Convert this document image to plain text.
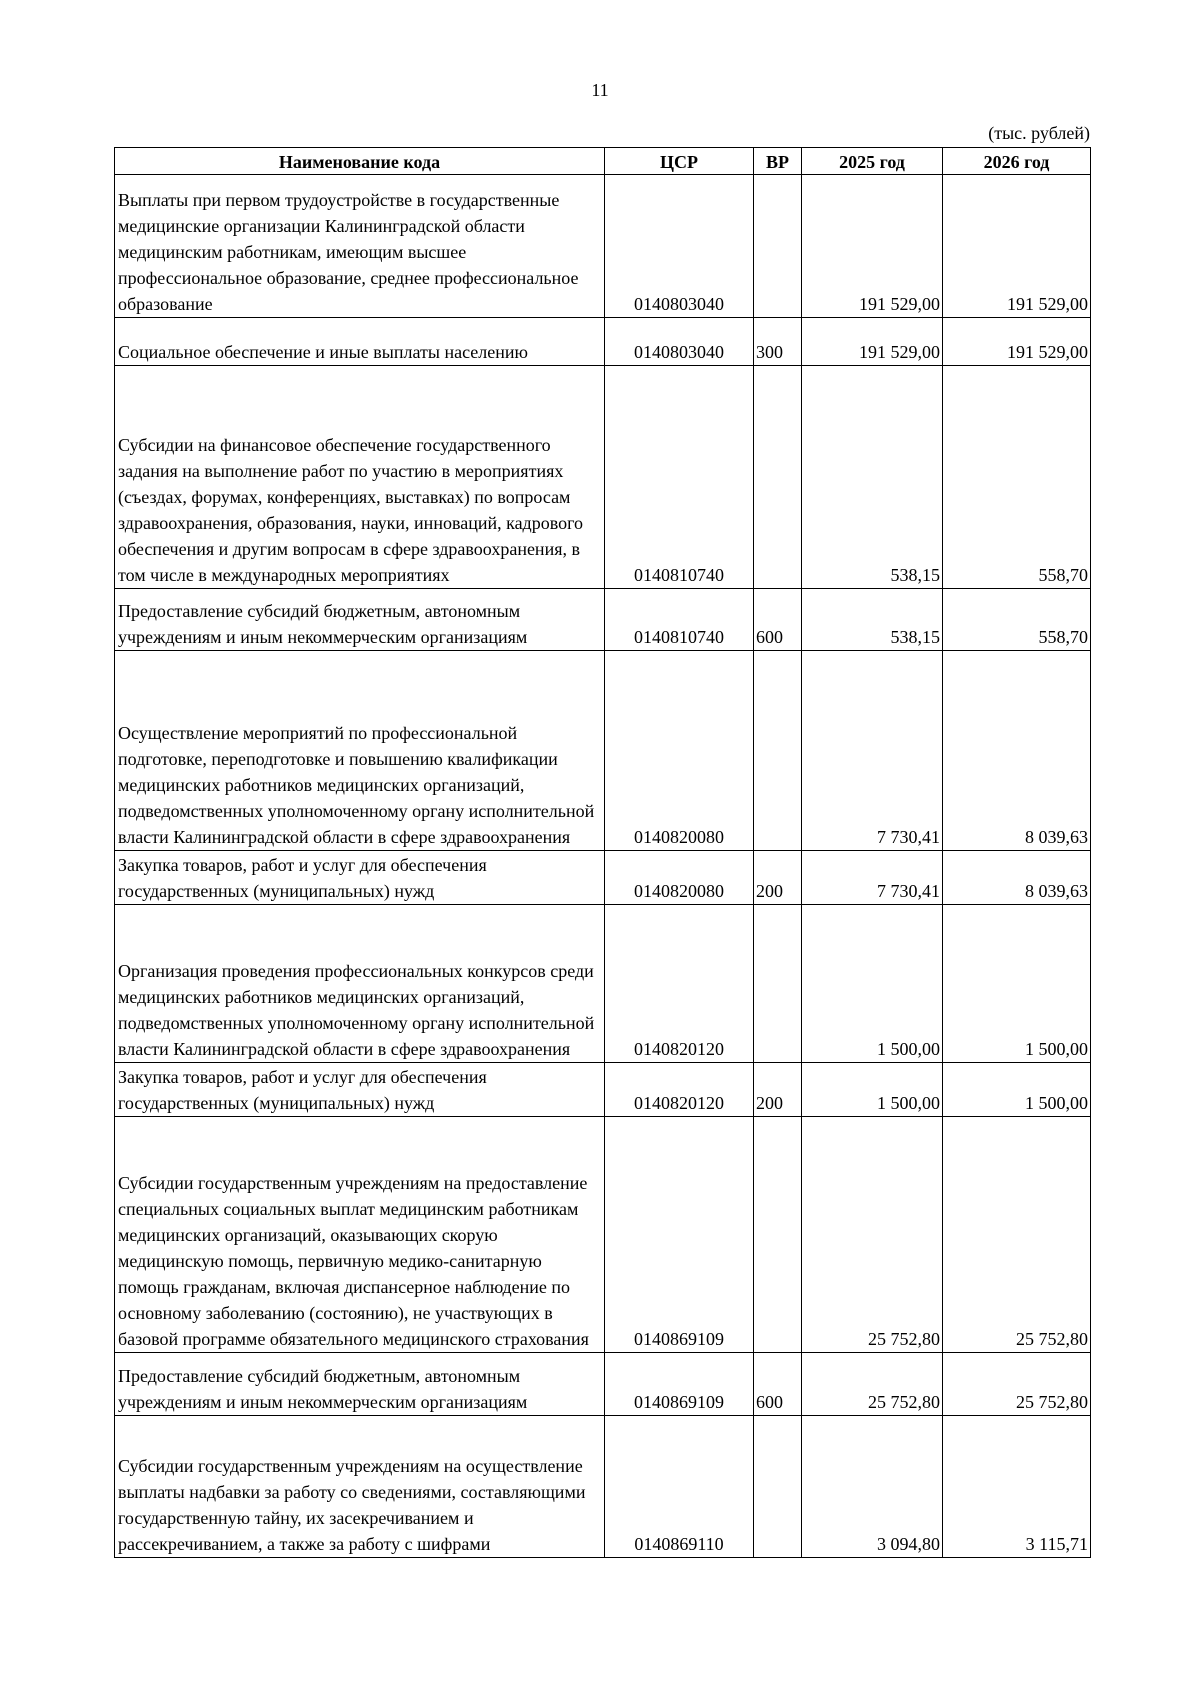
11
(тыс. рублей)
Наименование кода	ЦСР	ВР	2025 год	2026 год
Выплаты при первом трудоустройстве в государственные медицинские организации Калининградской области медицинским работникам, имеющим высшее профессиональное образование, среднее профессиональное образование	0140803040		191 529,00	191 529,00
Социальное обеспечение и иные выплаты населению	0140803040	300	191 529,00	191 529,00
Субсидии на финансовое обеспечение государственного задания на выполнение работ по участию в мероприятиях (съездах, форумах, конференциях, выставках) по вопросам здравоохранения, образования, науки, инноваций, кадрового обеспечения и другим вопросам в сфере здравоохранения, в том числе в международных мероприятиях	0140810740		538,15	558,70
Предоставление субсидий бюджетным, автономным учреждениям и иным некоммерческим организациям	0140810740	600	538,15	558,70
Осуществление мероприятий по профессиональной подготовке, переподготовке и повышению квалификации медицинских работников медицинских организаций, подведомственных уполномоченному органу исполнительной власти Калининградской области в сфере здравоохранения	0140820080		7 730,41	8 039,63
Закупка товаров, работ и услуг для обеспечения государственных (муниципальных) нужд	0140820080	200	7 730,41	8 039,63
Организация проведения профессиональных конкурсов среди медицинских работников медицинских организаций, подведомственных уполномоченному органу исполнительной власти Калининградской области в сфере здравоохранения	0140820120		1 500,00	1 500,00
Закупка товаров, работ и услуг для обеспечения государственных (муниципальных) нужд	0140820120	200	1 500,00	1 500,00
Субсидии государственным учреждениям на предоставление специальных социальных выплат медицинским работникам медицинских организаций, оказывающих скорую медицинскую помощь, первичную медико-санитарную помощь гражданам, включая диспансерное наблюдение по основному заболеванию (состоянию), не участвующих в базовой программе обязательного медицинского страхования	0140869109		25 752,80	25 752,80
Предоставление субсидий бюджетным, автономным учреждениям и иным некоммерческим организациям	0140869109	600	25 752,80	25 752,80
Субсидии государственным учреждениям на осуществление выплаты надбавки за работу со сведениями, составляющими государственную тайну, их засекречиванием и рассекречиванием, а также за работу с шифрами	0140869110		3 094,80	3 115,71
